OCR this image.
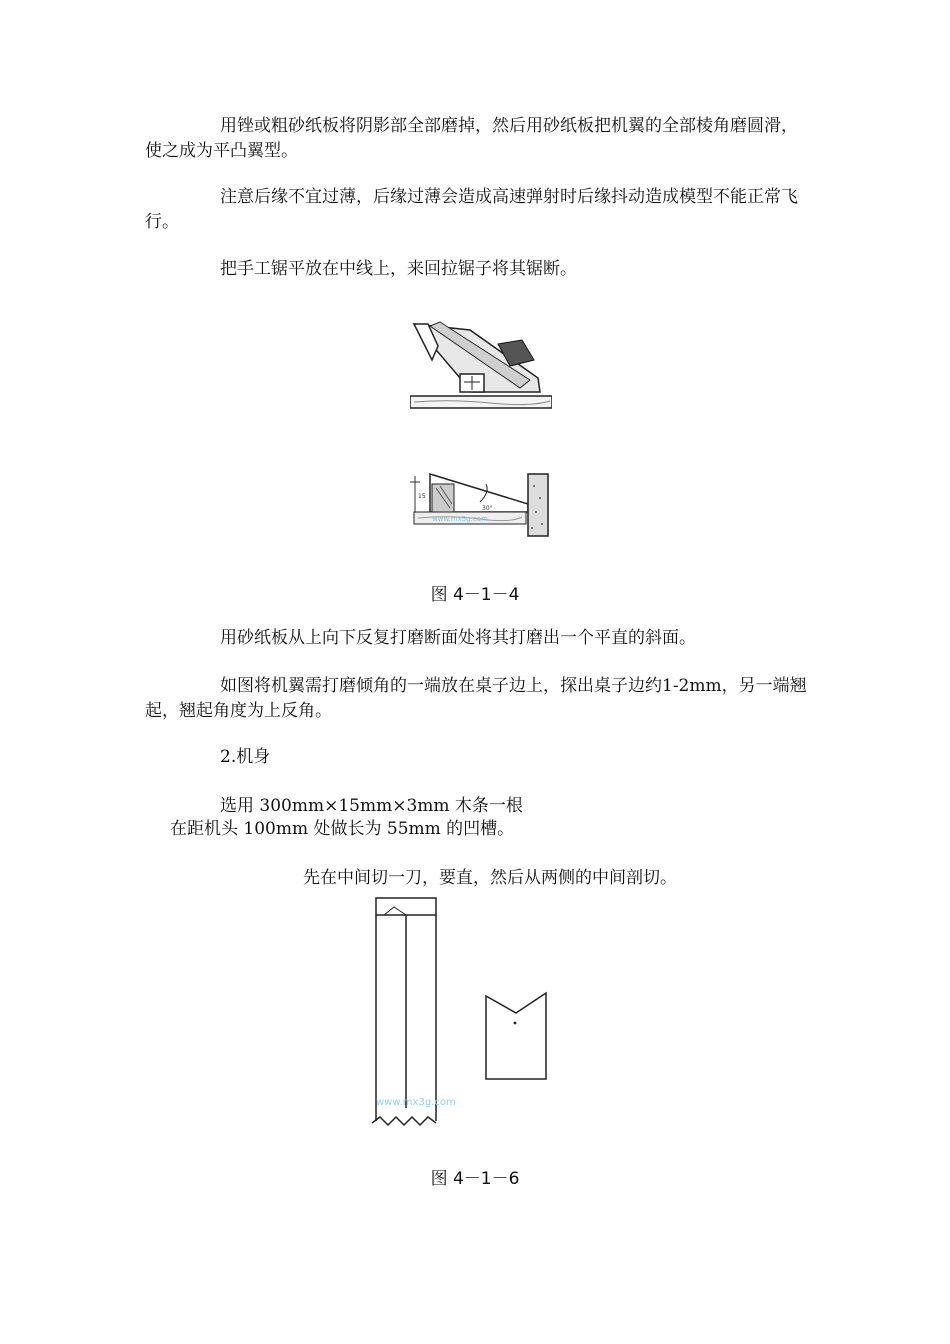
用锉或粗砂纸板将阴影部全部磨掉，然后用砂纸板把机翼的全部棱角磨圆滑，使之成为平凸翼型。

注意后缘不宜过薄，后缘过薄会造成高速弹射时后缘抖动造成模型不能正常飞行。

把手工锯平放在中线上，来回拉锯子将其锯断。

15
30°
www.mx3g.com
图 4－1－4

用砂纸板从上向下反复打磨断面处将其打磨出一个平直的斜面。

如图将机翼需打磨倾角的一端放在桌子边上，探出桌子边约1-2mm，另一端翘起，翘起角度为上反角。

2.机身

选用 300mm×15mm×3mm 木条一根

在距机头 100mm 处做长为 55mm 的凹槽。

先在中间切一刀，要直，然后从两侧的中间剖切。

www.mx3g.com
图 4－1－6
